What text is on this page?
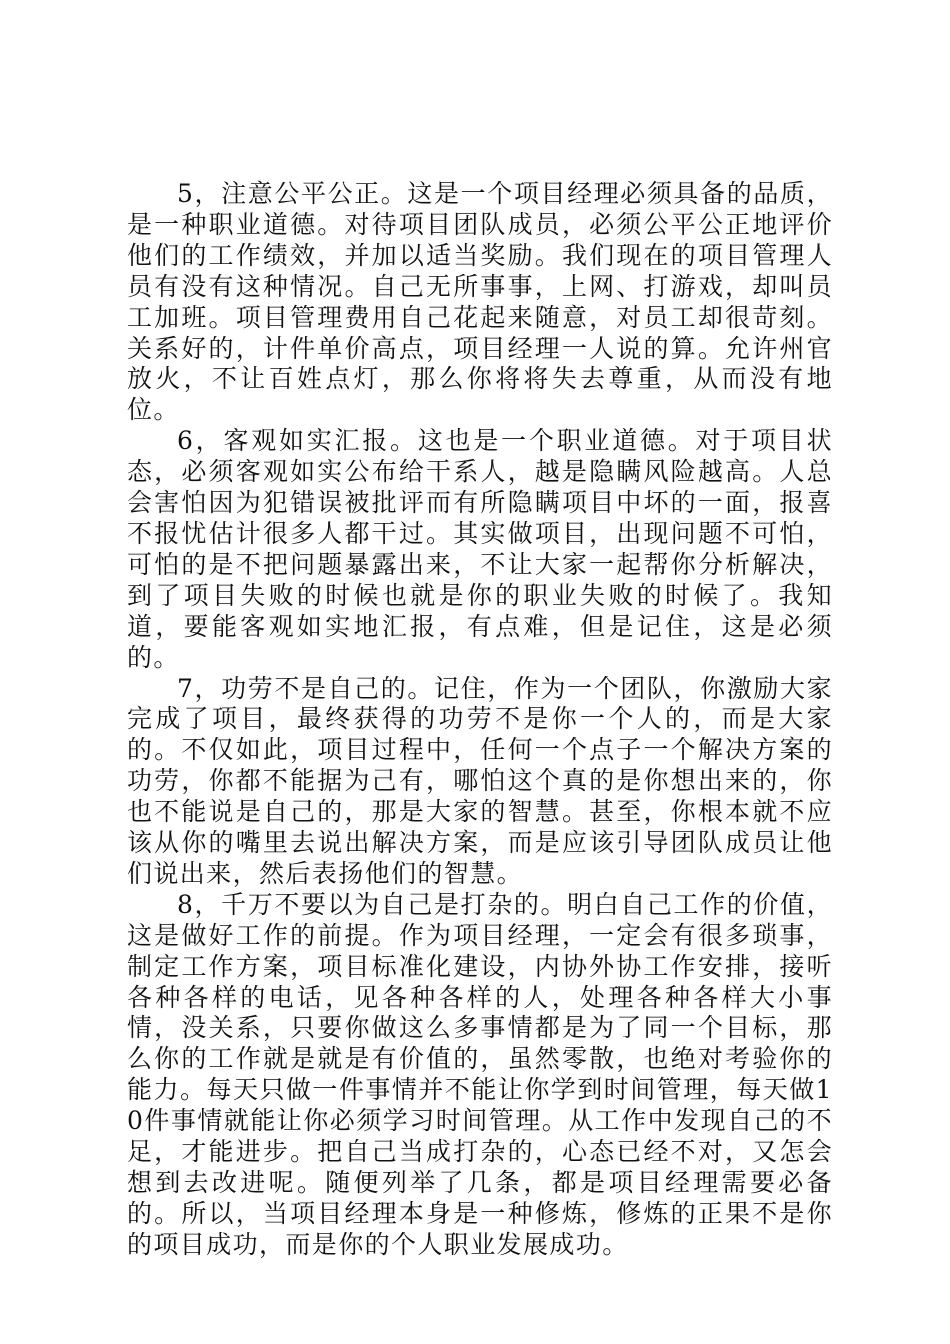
5，注意公平公正。这是一个项目经理必须具备的品质，是一种职业道德。对待项目团队成员，必须公平公正地评价他们的工作绩效，并加以适当奖励。我们现在的项目管理人员有没有这种情况。自己无所事事，上网、打游戏，却叫员工加班。项目管理费用自己花起来随意，对员工却很苛刻。关系好的，计件单价高点，项目经理一人说的算。允许州官放火，不让百姓点灯，那么你将将失去尊重，从而没有地位。

6，客观如实汇报。这也是一个职业道德。对于项目状态，必须客观如实公布给干系人，越是隐瞒风险越高。人总会害怕因为犯错误被批评而有所隐瞒项目中坏的一面，报喜不报忧估计很多人都干过。其实做项目，出现问题不可怕，可怕的是不把问题暴露出来，不让大家一起帮你分析解决，到了项目失败的时候也就是你的职业失败的时候了。我知道，要能客观如实地汇报，有点难，但是记住，这是必须的。

7，功劳不是自己的。记住，作为一个团队，你激励大家完成了项目，最终获得的功劳不是你一个人的，而是大家的。不仅如此，项目过程中，任何一个点子一个解决方案的功劳，你都不能据为己有，哪怕这个真的是你想出来的，你也不能说是自己的，那是大家的智慧。甚至，你根本就不应该从你的嘴里去说出解决方案，而是应该引导团队成员让他们说出来，然后表扬他们的智慧。

8，千万不要以为自己是打杂的。明白自己工作的价值，这是做好工作的前提。作为项目经理，一定会有很多琐事，制定工作方案，项目标准化建设，内协外协工作安排，接听各种各样的电话，见各种各样的人，处理各种各样大小事情，没关系，只要你做这么多事情都是为了同一个目标，那么你的工作就是就是有价值的，虽然零散，也绝对考验你的能力。每天只做一件事情并不能让你学到时间管理，每天做10件事情就能让你必须学习时间管理。从工作中发现自己的不足，才能进步。把自己当成打杂的，心态已经不对，又怎会想到去改进呢。随便列举了几条，都是项目经理需要必备的。所以，当项目经理本身是一种修炼，修炼的正果不是你的项目成功，而是你的个人职业发展成功。
